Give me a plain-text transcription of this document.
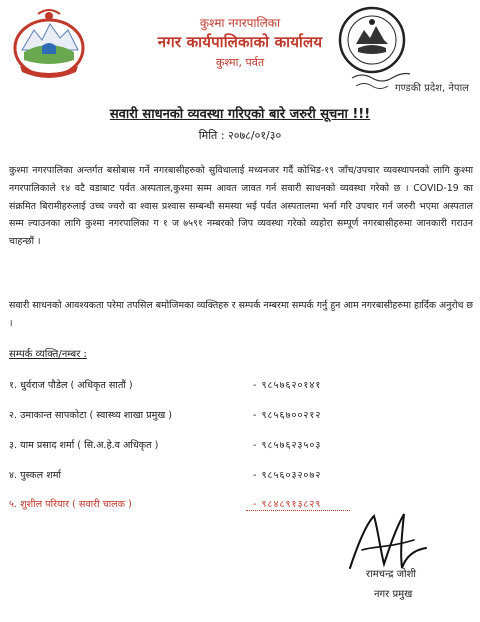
कुश्मा नगरपालिका
नगर कार्यपालिकाको कार्यालय
कुश्मा, पर्वत
गण्डकी प्रदेश, नेपाल
सवारी साधनको व्यवस्था गरिएको बारे जरुरी सूचना !!!
मिति : २०७८/०१/३०
कुश्मा नगरपालिका अन्तर्गत बसोबास गर्ने नगरबासीहरुको सुविधालाई मध्यनजर गर्दै कोभिड-१९ जाँच/उपचार व्यवस्थापनको लागि कुश्मा नगरपालिकाले १४ वटै वडाबाट पर्वत अस्पताल,कुश्मा सम्म आवत जावत गर्न सवारी साधनको व्यवस्था गरेको छ । COVID-19 का संक्रमित बिरामीहरुलाई उच्च ज्वरो वा श्वास प्रश्वास सम्बन्धी समस्या भई पर्वत अस्पतालमा भर्ना गरि उपचार गर्न जरुरी भएमा अस्पताल सम्म ल्याउनका लागि कुश्मा नगरपालिका ग १ ज ७५९१ नम्बरको जिप व्यवस्था गरेको व्यहोरा सम्पूर्ण नगरबासीहरुमा जानकारी गराउन चाहन्छौं ।
सवारी साधनको आवश्यकता परेमा तपसिल बमोजिमका व्यक्तिहरु र सम्पर्क नम्बरमा सम्पर्क गर्नु हुन आम नगरबासीहरुमा हार्दिक अनुरोध छ ।
सम्पर्क व्यक्ति/नम्बर :
१. धुर्वराज पौडेल ( अधिकृत सातौं )	- ९८५७६२०१४१
२. उमाकान्त सापकोटा ( स्वास्थ्य शाखा प्रमुख )	- ९८५६७००२१२
३. याम प्रसाद शर्मा ( सि.अ.हे.व अधिकृत )	- ९८५७६२३५०३
४. पुस्कल शर्मा	- ९८५६०३२०७२
५. शुशील परियार ( सवारी चालक )	- ९८४८९१३८२९
रामचन्द्र जोशी
नगर प्रमुख
